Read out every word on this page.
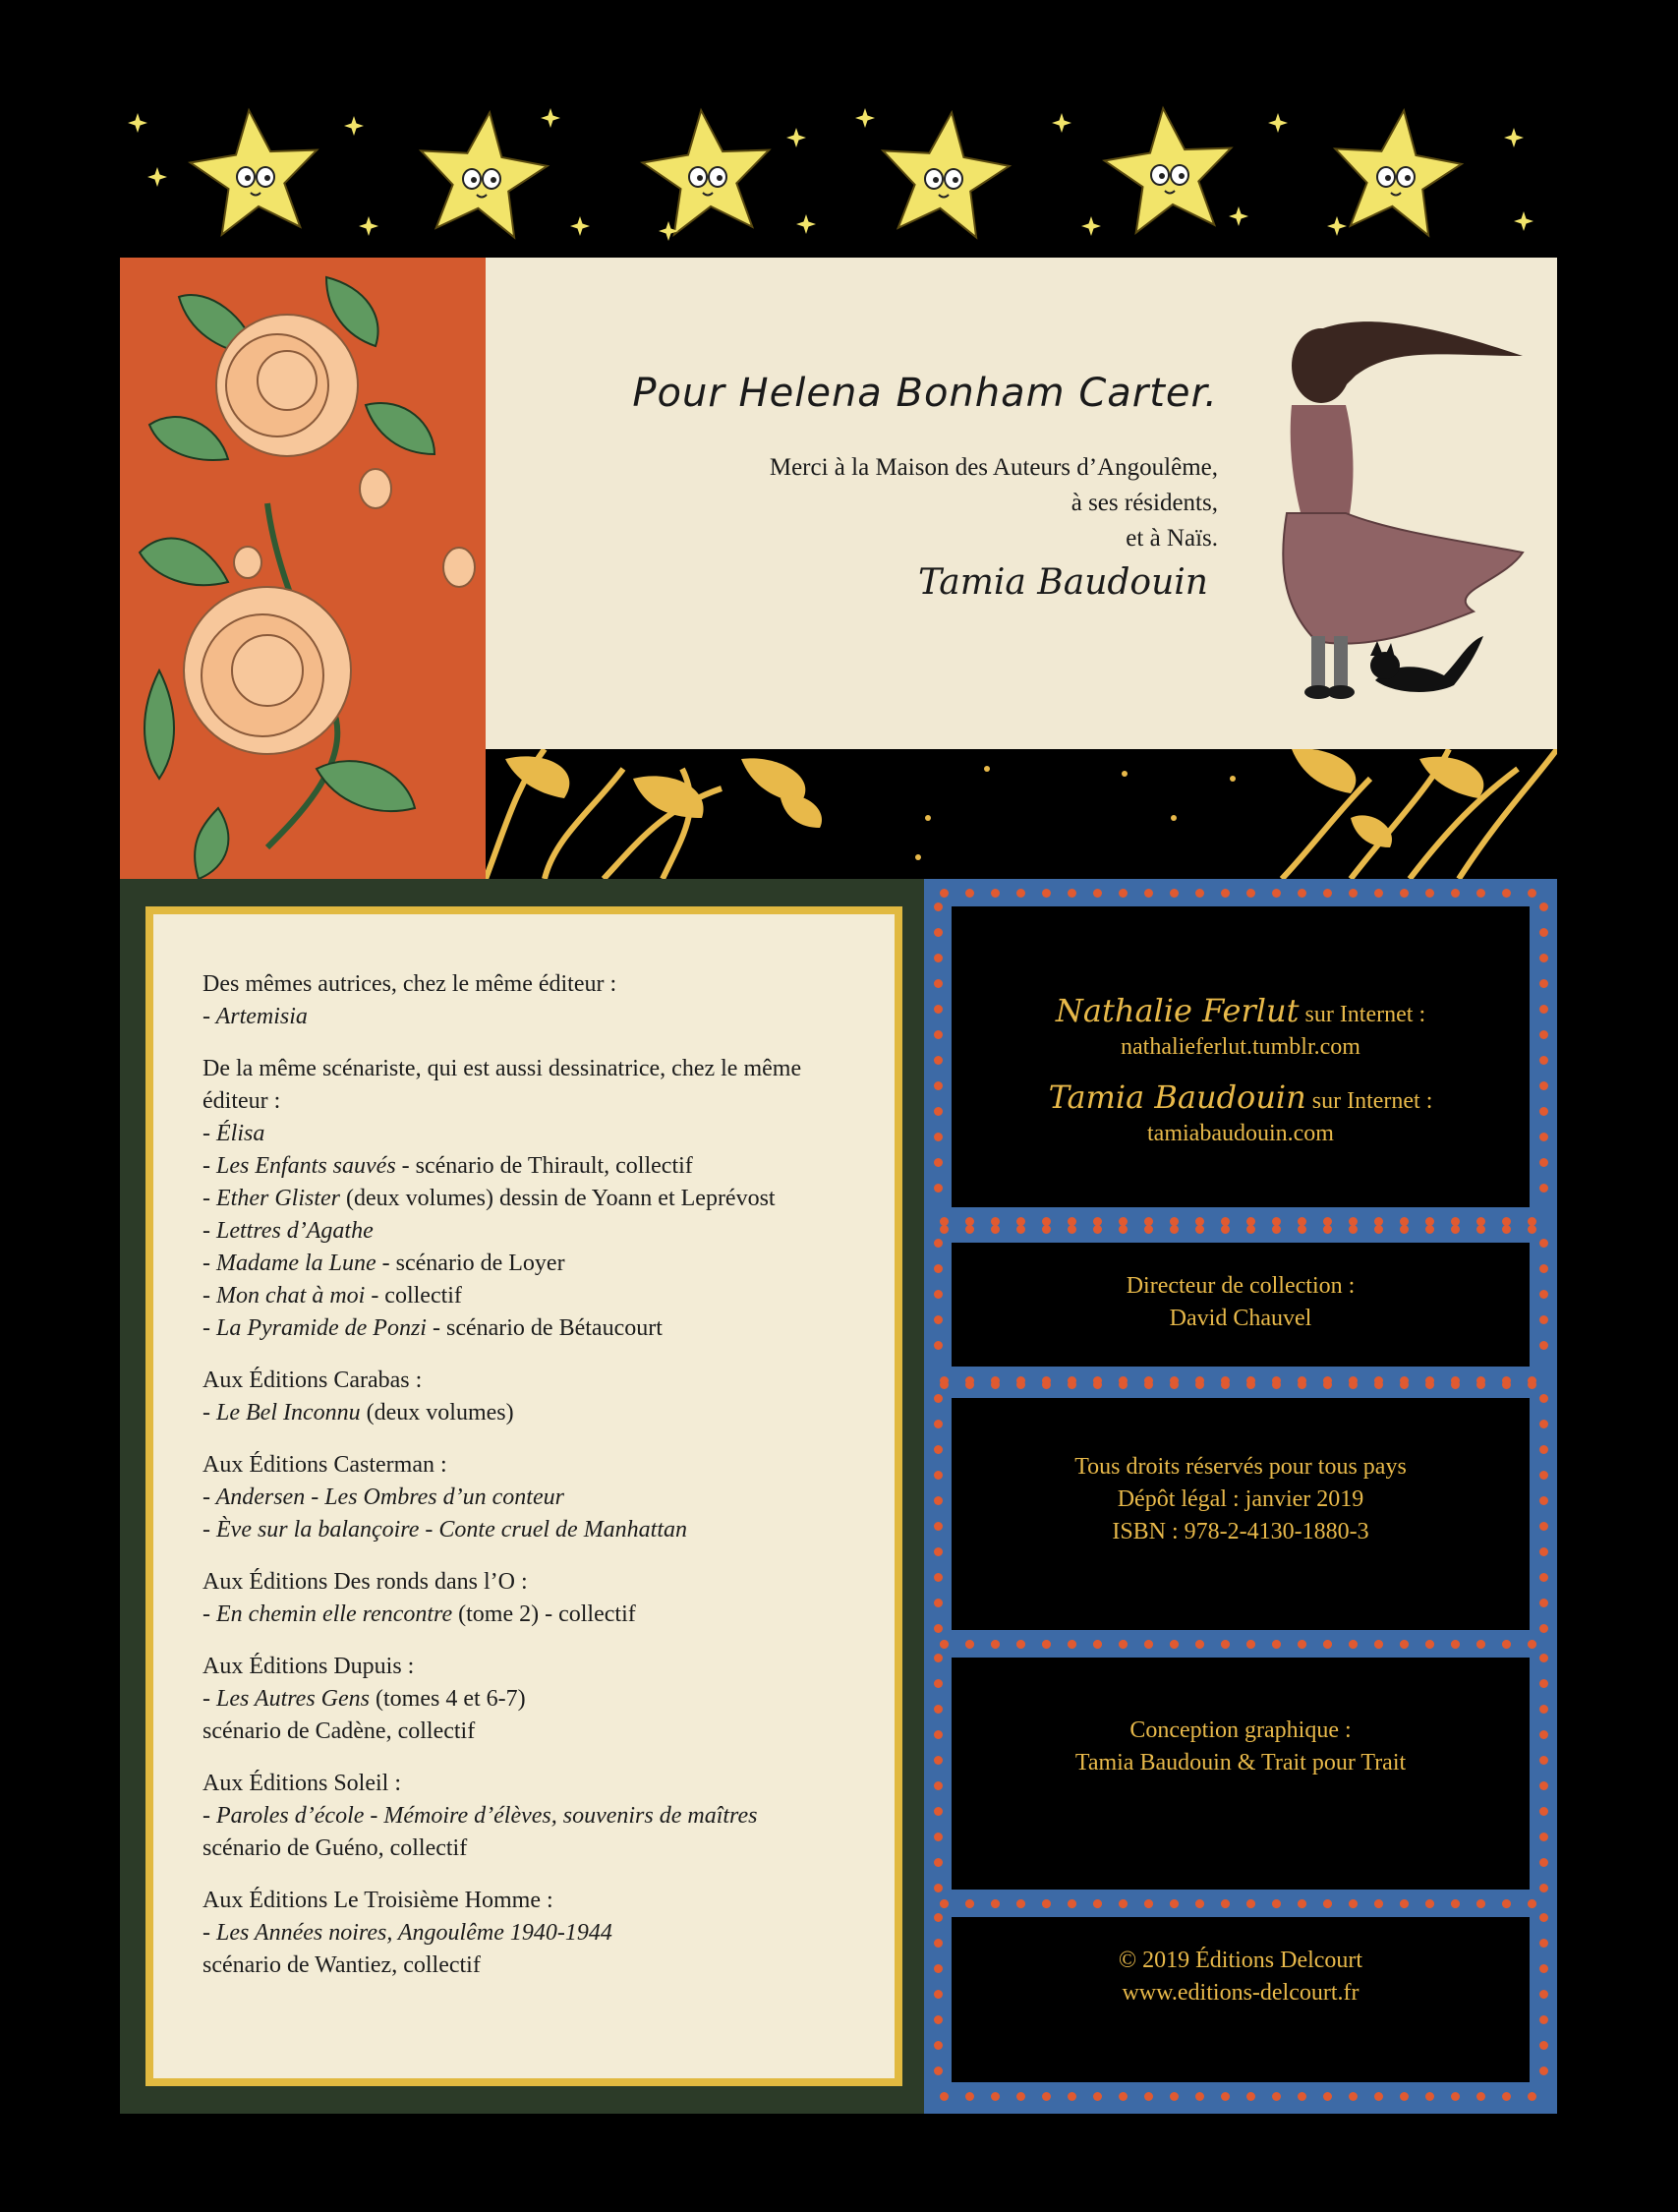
Pour Helena Bonham Carter.
Merci à la Maison des Auteurs d’Angoulême,
à ses résidents,
et à Naïs.
Tamia Baudouin
Des mêmes autrices, chez le même éditeur :
- Artemisia
De la même scénariste, qui est aussi dessinatrice, chez le même éditeur :
- Élisa
- Les Enfants sauvés - scénario de Thirault, collectif
- Ether Glister (deux volumes) dessin de Yoann et Leprévost
- Lettres d’Agathe
- Madame la Lune - scénario de Loyer
- Mon chat à moi - collectif
- La Pyramide de Ponzi - scénario de Bétaucourt
Aux Éditions Carabas :
- Le Bel Inconnu (deux volumes)
Aux Éditions Casterman :
- Andersen - Les Ombres d’un conteur
- Ève sur la balançoire - Conte cruel de Manhattan
Aux Éditions Des ronds dans l’O :
- En chemin elle rencontre (tome 2) - collectif
Aux Éditions Dupuis :
- Les Autres Gens (tomes 4 et 6-7)
scénario de Cadène, collectif
Aux Éditions Soleil :
- Paroles d’école - Mémoire d’élèves, souvenirs de maîtres
scénario de Guéno, collectif
Aux Éditions Le Troisième Homme :
- Les Années noires, Angoulême 1940-1944
scénario de Wantiez, collectif
Nathalie Ferlut sur Internet :
nathalieferlut.tumblr.com
Tamia Baudouin sur Internet :
tamiabaudouin.com
Directeur de collection :
David Chauvel
Tous droits réservés pour tous pays
Dépôt légal : janvier 2019
ISBN : 978-2-4130-1880-3
Conception graphique :
Tamia Baudouin & Trait pour Trait
© 2019 Éditions Delcourt
www.editions-delcourt.fr
